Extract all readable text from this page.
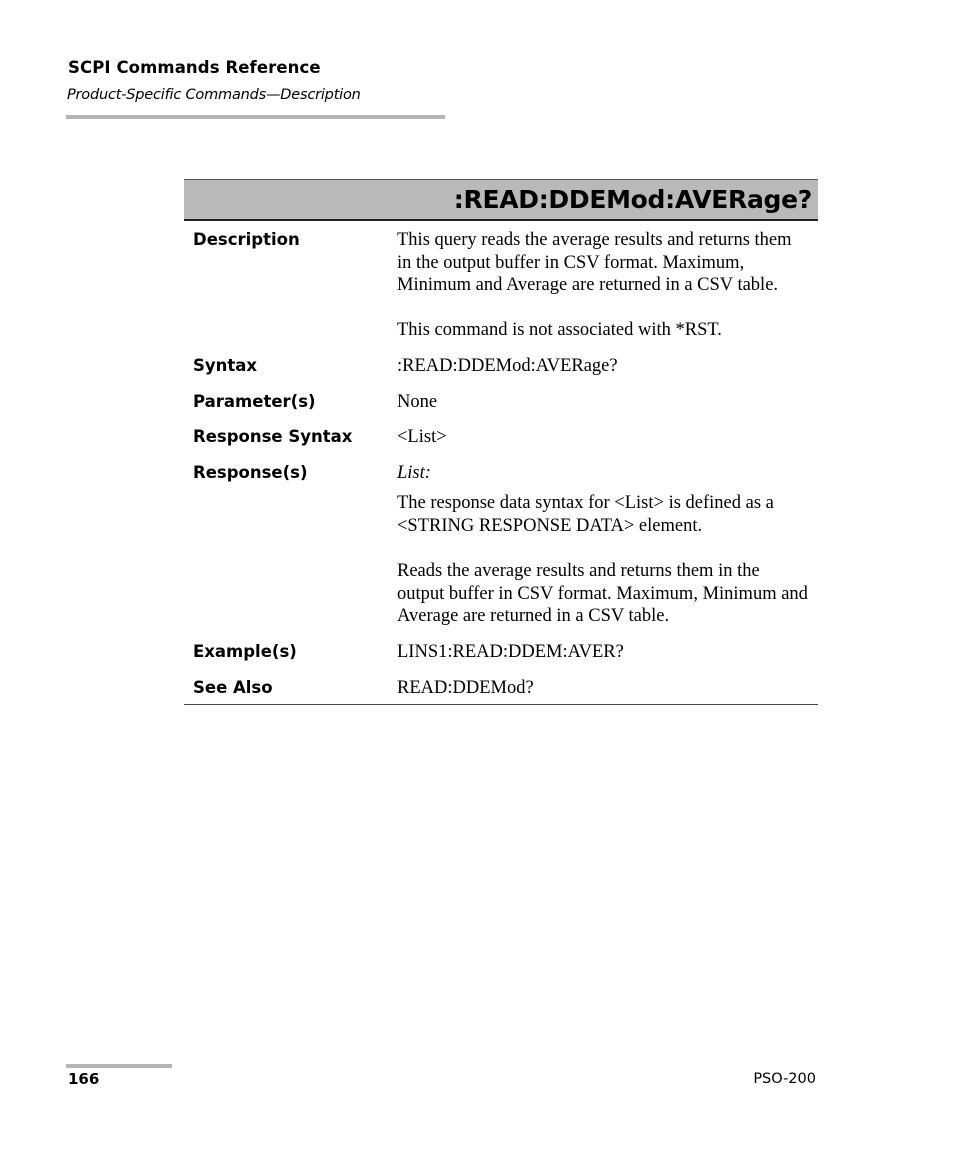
SCPI Commands Reference
Product-Specific Commands—Description
:READ:DDEMod:AVERage?
Description	This query reads the average results and returns them in the output buffer in CSV format. Maximum, Minimum and Average are returned in a CSV table.

This command is not associated with *RST.

Syntax	:READ:DDEMod:AVERage?
Parameter(s)	None
Response Syntax	<List>
Response(s)	List:

The response data syntax for <List> is defined as a <STRING RESPONSE DATA> element.

Reads the average results and returns them in the output buffer in CSV format. Maximum, Minimum and Average are returned in a CSV table.

Example(s)	LINS1:READ:DDEM:AVER?
See Also	READ:DDEMod?
166	PSO-200
